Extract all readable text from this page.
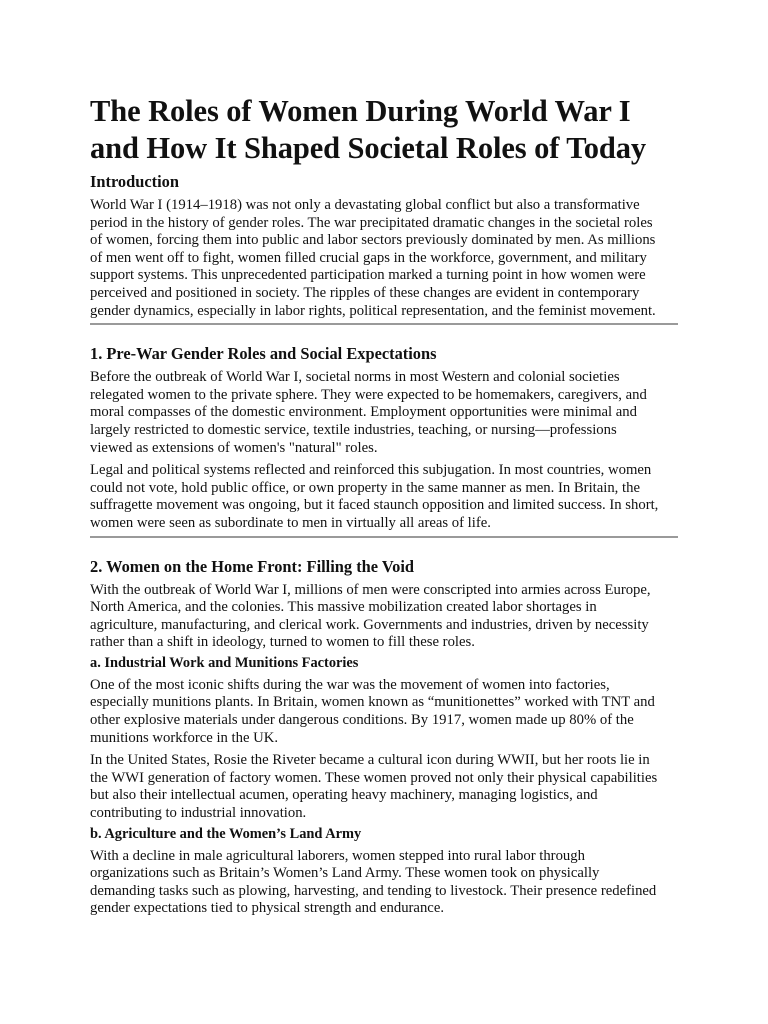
The Roles of Women During World War I
and How It Shaped Societal Roles of Today
Introduction
World War I (1914–1918) was not only a devastating global conflict but also a transformative
period in the history of gender roles. The war precipitated dramatic changes in the societal roles
of women, forcing them into public and labor sectors previously dominated by men. As millions
of men went off to fight, women filled crucial gaps in the workforce, government, and military
support systems. This unprecedented participation marked a turning point in how women were
perceived and positioned in society. The ripples of these changes are evident in contemporary
gender dynamics, especially in labor rights, political representation, and the feminist movement.
1. Pre-War Gender Roles and Social Expectations
Before the outbreak of World War I, societal norms in most Western and colonial societies
relegated women to the private sphere. They were expected to be homemakers, caregivers, and
moral compasses of the domestic environment. Employment opportunities were minimal and
largely restricted to domestic service, textile industries, teaching, or nursing—professions
viewed as extensions of women's "natural" roles.
Legal and political systems reflected and reinforced this subjugation. In most countries, women
could not vote, hold public office, or own property in the same manner as men. In Britain, the
suffragette movement was ongoing, but it faced staunch opposition and limited success. In short,
women were seen as subordinate to men in virtually all areas of life.
2. Women on the Home Front: Filling the Void
With the outbreak of World War I, millions of men were conscripted into armies across Europe,
North America, and the colonies. This massive mobilization created labor shortages in
agriculture, manufacturing, and clerical work. Governments and industries, driven by necessity
rather than a shift in ideology, turned to women to fill these roles.
a. Industrial Work and Munitions Factories
One of the most iconic shifts during the war was the movement of women into factories,
especially munitions plants. In Britain, women known as “munitionettes” worked with TNT and
other explosive materials under dangerous conditions. By 1917, women made up 80% of the
munitions workforce in the UK.
In the United States, Rosie the Riveter became a cultural icon during WWII, but her roots lie in
the WWI generation of factory women. These women proved not only their physical capabilities
but also their intellectual acumen, operating heavy machinery, managing logistics, and
contributing to industrial innovation.
b. Agriculture and the Women’s Land Army
With a decline in male agricultural laborers, women stepped into rural labor through
organizations such as Britain’s Women’s Land Army. These women took on physically
demanding tasks such as plowing, harvesting, and tending to livestock. Their presence redefined
gender expectations tied to physical strength and endurance.
